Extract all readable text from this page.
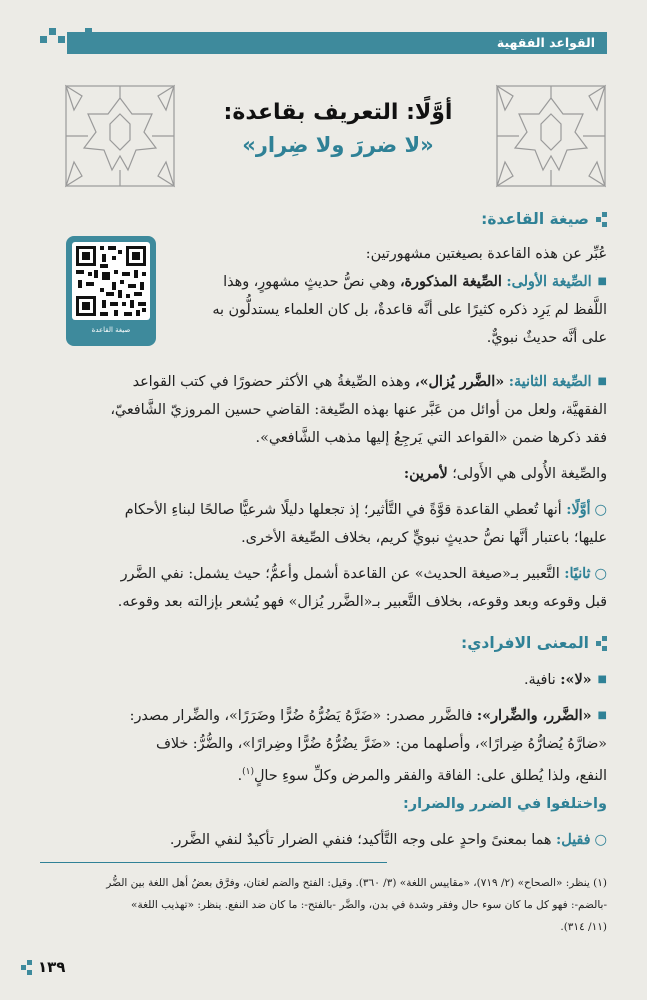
القواعد الفقهية
أوَّلًا: التعريف بقاعدة:
«لا ضررَ ولا ضِرار»
صيغة القاعدة
صيغة القاعدة:
عُبِّر عن هذه القاعدة بصيغتين مشهورتين:
■ الصِّيغة الأولى: الصِّيغة المذكورة، وهي نصُّ حديثٍ مشهورٍ، وهذا
اللَّفظ لم يَرِد ذكره كثيرًا على أنَّه قاعدةٌ، بل كان العلماء يستدلُّون به
على أنَّه حديثٌ نبويٌّ.
■ الصِّيغة الثانية: «الضَّرر يُزال»، وهذه الصِّيغةُ هي الأكثر حضورًا في كتب القواعد
الفقهيَّة، ولعل من أوائل من عَبَّر عنها بهذه الصِّيغة: القاضي حسين المروزيّ الشَّافعيّ،
فقد ذكرها ضمن «القواعد التي يَرجِعُ إليها مذهب الشَّافعي».
والصِّيغة الأُولى هي الأَولى؛ لأمرين:
○أوَّلًا: أنها تُعطي القاعدة قوَّةً في التَّأثير؛ إذ تجعلها دليلًا شرعيًّا صالحًا لبناءِ الأحكام
عليها؛ باعتبار أنَّها نصُّ حديثٍ نبويٍّ كريم، بخلاف الصِّيغة الأخرى.
○ثانيًا: التَّعبير بـ«صيغة الحديث» عن القاعدة أشمل وأعمُّ؛ حيث يشمل: نفي الضَّرر
قبل وقوعه وبعد وقوعه، بخلاف التَّعبير بـ«الضَّرر يُزال» فهو يُشعر بإزالته بعد وقوعه.
المعنى الافرادي:
■ «لا»: نافية.
■ «الضَّرر، والضِّرار»: فالضَّرر مصدر: «ضَرَّهُ يَضُرُّهُ ضُرًّا وضَرَرًا»، والضِّرار مصدر:
«ضارَّهُ يُضارُّهُ ضِرارًا»، وأصلهما من: «ضَرَّ يضُرُّهُ ضُرًّا وضِرارًا»، والضُّرُّ: خلاف
النفع، ولذا يُطلق على: الفاقة والفقر والمرض وكلِّ سوءِ حالٍ$^{(١)}$.
واختلفوا في الضرر والضرار:
○فقيل: هما بمعنىً واحدٍ على وجه التَّأكيد؛ فنفي الضرار تأكيدٌ لنفي الضَّرر.
(١) ينظر: «الصحاح» (٢/ ٧١٩)، «مقاييس اللغة» (٣/ ٣٦٠). وقيل: الفتح والضم لغتان، وفرَّق بعضُ أهل اللغة بين الضُّر
-بالضم-: فهو كل ما كان سوء حال وفقر وشدة في بدن، والضَّر -بالفتح-: ما كان ضد النفع. ينظر: «تهذيب اللغة»
(١١/ ٣١٤).
١٣٩
